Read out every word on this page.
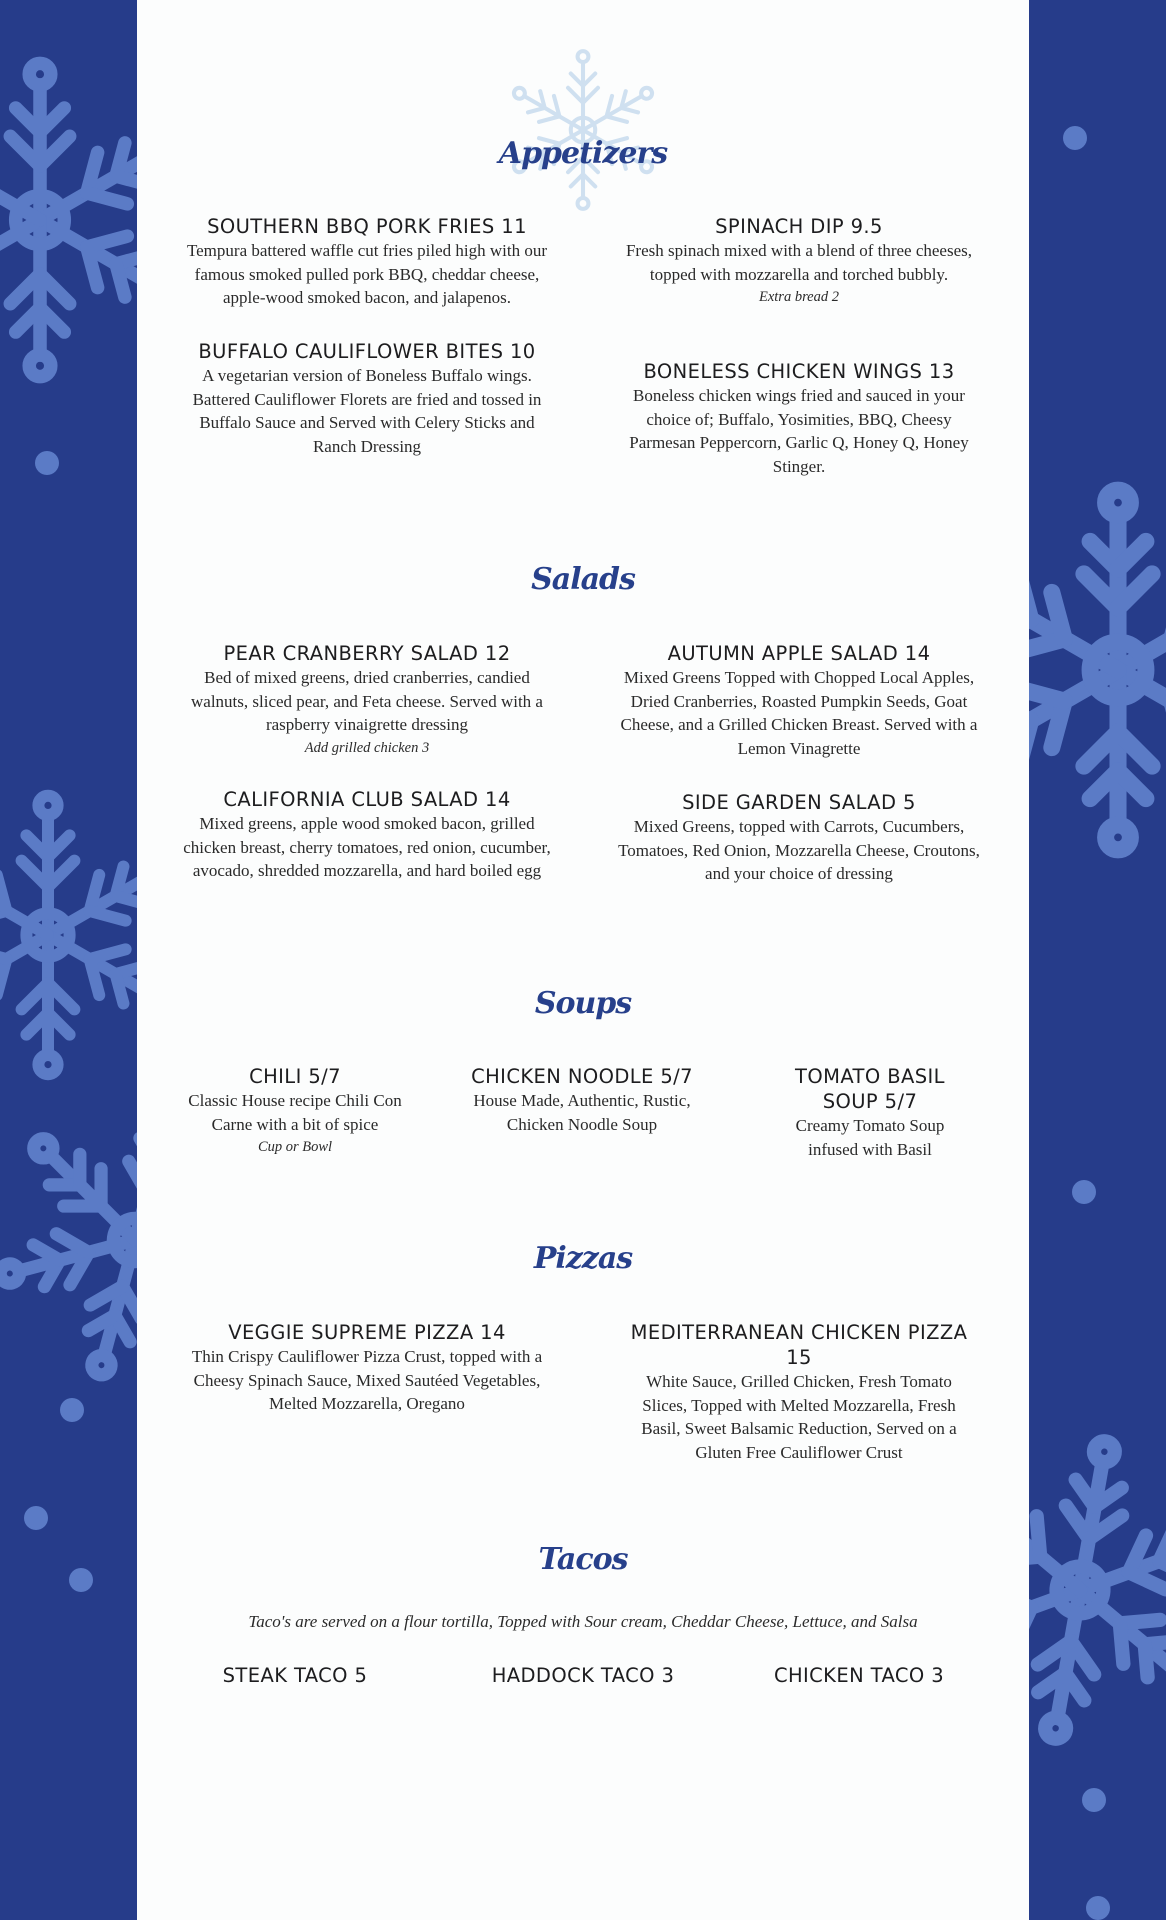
Appetizers

SOUTHERN BBQ PORK FRIES 11

Tempura battered waffle cut fries piled high with our famous smoked pulled pork BBQ, cheddar cheese, apple-wood smoked bacon, and jalapenos.

SPINACH DIP 9.5

Fresh spinach mixed with a blend of three cheeses, topped with mozzarella and torched bubbly.

Extra bread 2

BUFFALO CAULIFLOWER BITES 10

A vegetarian version of Boneless Buffalo wings. Battered Cauliflower Florets are fried and tossed in Buffalo Sauce and Served with Celery Sticks and Ranch Dressing

BONELESS CHICKEN WINGS 13

Boneless chicken wings fried and sauced in your choice of; Buffalo, Yosimities, BBQ, Cheesy Parmesan Peppercorn, Garlic Q, Honey Q, Honey Stinger.

Salads

PEAR CRANBERRY SALAD 12

Bed of mixed greens, dried cranberries, candied walnuts, sliced pear, and Feta cheese. Served with a raspberry vinaigrette dressing

Add grilled chicken 3

AUTUMN APPLE SALAD 14

Mixed Greens Topped with Chopped Local Apples, Dried Cranberries, Roasted Pumpkin Seeds, Goat Cheese, and a Grilled Chicken Breast. Served with a Lemon Vinagrette

CALIFORNIA CLUB SALAD 14

Mixed greens, apple wood smoked bacon, grilled chicken breast, cherry tomatoes, red onion, cucumber, avocado, shredded mozzarella, and hard boiled egg

SIDE GARDEN SALAD 5

Mixed Greens, topped with Carrots, Cucumbers, Tomatoes, Red Onion, Mozzarella Cheese, Croutons, and your choice of dressing

Soups

CHILI 5/7

Classic House recipe Chili Con Carne with a bit of spice

Cup or Bowl

CHICKEN NOODLE 5/7

House Made, Authentic, Rustic, Chicken Noodle Soup

TOMATO BASIL SOUP 5/7

Creamy Tomato Soup infused with Basil

Pizzas

VEGGIE SUPREME PIZZA 14

Thin Crispy Cauliflower Pizza Crust, topped with a Cheesy Spinach Sauce, Mixed Sautéed Vegetables, Melted Mozzarella, Oregano

MEDITERRANEAN CHICKEN PIZZA 15

White Sauce, Grilled Chicken, Fresh Tomato Slices, Topped with Melted Mozzarella, Fresh Basil, Sweet Balsamic Reduction, Served on a Gluten Free Cauliflower Crust

Tacos

Taco's are served on a flour tortilla, Topped with Sour cream, Cheddar Cheese, Lettuce, and Salsa

STEAK TACO 5	HADDOCK TACO 3	CHICKEN TACO 3
